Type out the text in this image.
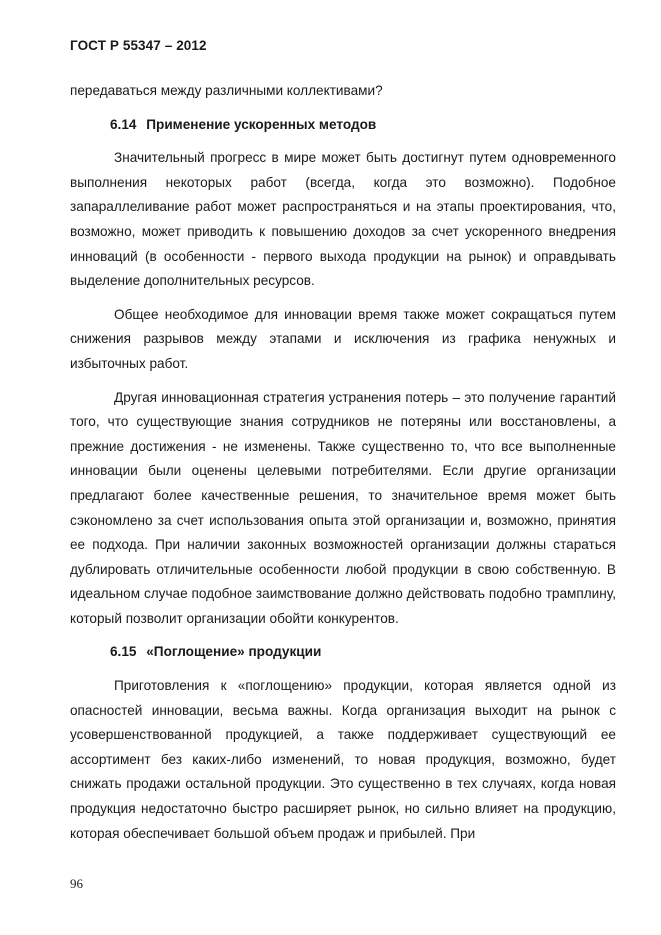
ГОСТ Р 55347 – 2012

передаваться между различными коллективами?

6.14 Применение ускоренных методов

Значительный прогресс в мире может быть достигнут путем одновременного выполнения некоторых работ (всегда, когда это возможно). Подобное запараллеливание работ может распространяться и на этапы проектирования, что, возможно, может приводить к повышению доходов за счет ускоренного внедрения инноваций (в особенности - первого выхода продукции на рынок) и оправдывать выделение дополнительных ресурсов.

Общее необходимое для инновации время также может сокращаться путем снижения разрывов между этапами и исключения из графика ненужных и избыточных работ.

Другая инновационная стратегия устранения потерь – это получение гарантий того, что существующие знания сотрудников не потеряны или восстановлены, а прежние достижения - не изменены. Также существенно то, что все выполненные инновации были оценены целевыми потребителями. Если другие организации предлагают более качественные решения, то значительное время может быть сэкономлено за счет использования опыта этой организации и, возможно, принятия ее подхода. При наличии законных возможностей организации должны стараться дублировать отличительные особенности любой продукции в свою собственную. В идеальном случае подобное заимствование должно действовать подобно трамплину, который позволит организации обойти конкурентов.

6.15 «Поглощение» продукции

Приготовления к «поглощению» продукции, которая является одной из опасностей инновации, весьма важны. Когда организация выходит на рынок с усовершенствованной продукцией, а также поддерживает существующий ее ассортимент без каких-либо изменений, то новая продукция, возможно, будет снижать продажи остальной продукции. Это существенно в тех случаях, когда новая продукция недостаточно быстро расширяет рынок, но сильно влияет на продукцию, которая обеспечивает большой объем продаж и прибылей. При

96
